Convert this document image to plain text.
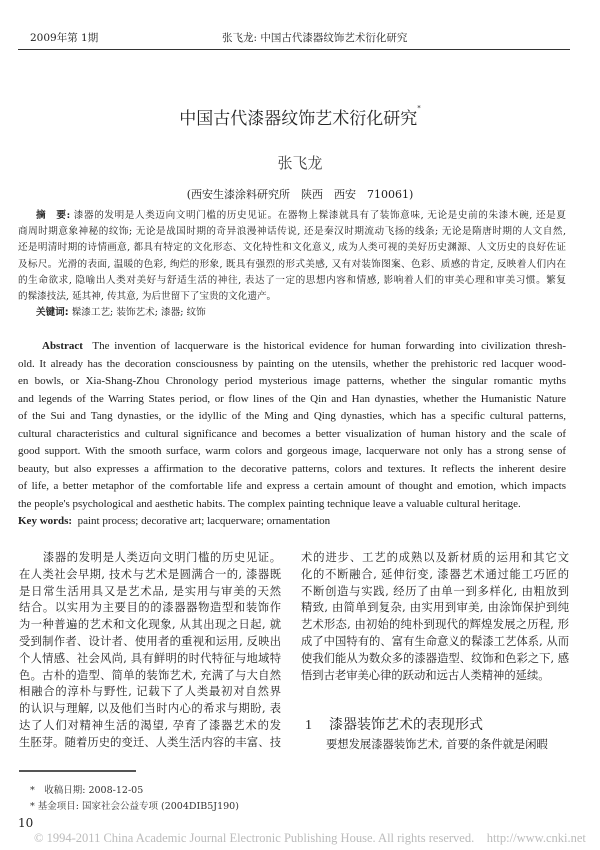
2009年第 1期	张飞龙: 中国古代漆器纹饰艺术衍化研究
中国古代漆器纹饰艺术衍化研究*
张飞龙
(西安生漆涂料研究所　陕西　西安　710061)
摘　要: 漆器的发明是人类迈向文明门槛的历史见证。在器物上髹漆就具有了装饰意味, 无论是史前的朱漆木碗, 还是夏
商周时期意象神秘的纹饰; 无论是战国时期的奇异浪漫神话传说, 还是秦汉时期流动飞扬的线条; 无论是隋唐时期的人文自然,
还是明清时期的诗情画意, 都具有特定的文化形态、文化特性和文化意义, 成为人类可视的美好历史渊源、人文历史的良好佐证
及标尺。光滑的表面, 温暖的色彩, 绚烂的形象, 既具有强烈的形式美感, 又有对装饰图案、色彩、质感的肯定, 反映着人们内在
的生命欲求, 隐喻出人类对美好与舒适生活的神往, 表达了一定的思想内容和情感, 影响着人们的审美心理和审美习惯。繁复
的髹漆技法, 延其神, 传其意, 为后世留下了宝贵的文化遗产。
关键词: 髹漆工艺; 装饰艺术; 漆器; 纹饰
Abstract The invention of lacquerware is the historical evidence for human forwarding into civilization thresh-
old. It already has the decoration consciousness by painting on the utensils, whether the prehistoric red lacquer wood-
en bowls, or Xia-Shang-Zhou Chronology period mysterious image patterns, whether the singular romantic myths
and legends of the Warring States period, or flow lines of the Qin and Han dynasties, whether the Humanistic Nature
of the Sui and Tang dynasties, or the idyllic of the Ming and Qing dynasties, which has a specific cultural patterns,
cultural characteristics and cultural significance and becomes a better visualization of human history and the scale of
good support. With the smooth surface, warm colors and gorgeous image, lacquerware not only has a strong sense of
beauty, but also expresses a affirmation to the decorative patterns, colors and textures. It reflects the inherent desire
of life, a better metaphor of the comfortable life and express a certain amount of thought and emotion, which impacts
the people's psychological and aesthetic habits. The complex painting technique leave a valuable cultural heritage.
Key words: paint process; decorative art; lacquerware; ornamentation
　　漆器的发明是人类迈向文明门槛的历史见证。
在人类社会早期, 技术与艺术是圆满合一的, 漆器既
是日常生活用具又是艺术品, 是实用与审美的天然
结合。以实用为主要目的的漆器器物造型和装饰作
为一种普遍的艺术和文化现象, 从其出现之日起, 就
受到制作者、设计者、使用者的重视和运用, 反映出
个人情感、社会风尚, 具有鲜明的时代特征与地域特
色。古朴的造型、简单的装饰艺术, 充满了与大自然
相融合的淳朴与野性, 记载下了人类最初对自然界
的认识与理解, 以及他们当时内心的希求与期盼, 表
达了人们对精神生活的渴望, 孕育了漆器艺术的发
生胚芽。随着历史的变迁、人类生活内容的丰富、技
术的进步、工艺的成熟以及新材质的运用和其它文
化的不断融合, 延伸衍变, 漆器艺术通过能工巧匠的
不断创造与实践, 经历了由单一到多样化, 由粗放到
精致, 由简单到复杂, 由实用到审美, 由涂饰保护到纯
艺术形态, 由初始的纯朴到现代的辉煌发展之历程, 形
成了中国特有的、富有生命意义的髹漆工艺体系, 从而
使我们能从为数众多的漆器造型、纹饰和色彩之下, 感
悟到古老审美心律的跃动和远古人类精神的延续。
1 漆器装饰艺术的表现形式
要想发展漆器装饰艺术, 首要的条件就是闲暇
*　收稿日期: 2008-12-05
* 基金项目: 国家社会公益专项 (2004DIB5J190)
10
© 1994-2011 China Academic Journal Electronic Publishing House. All rights reserved.　http://www.cnki.net
